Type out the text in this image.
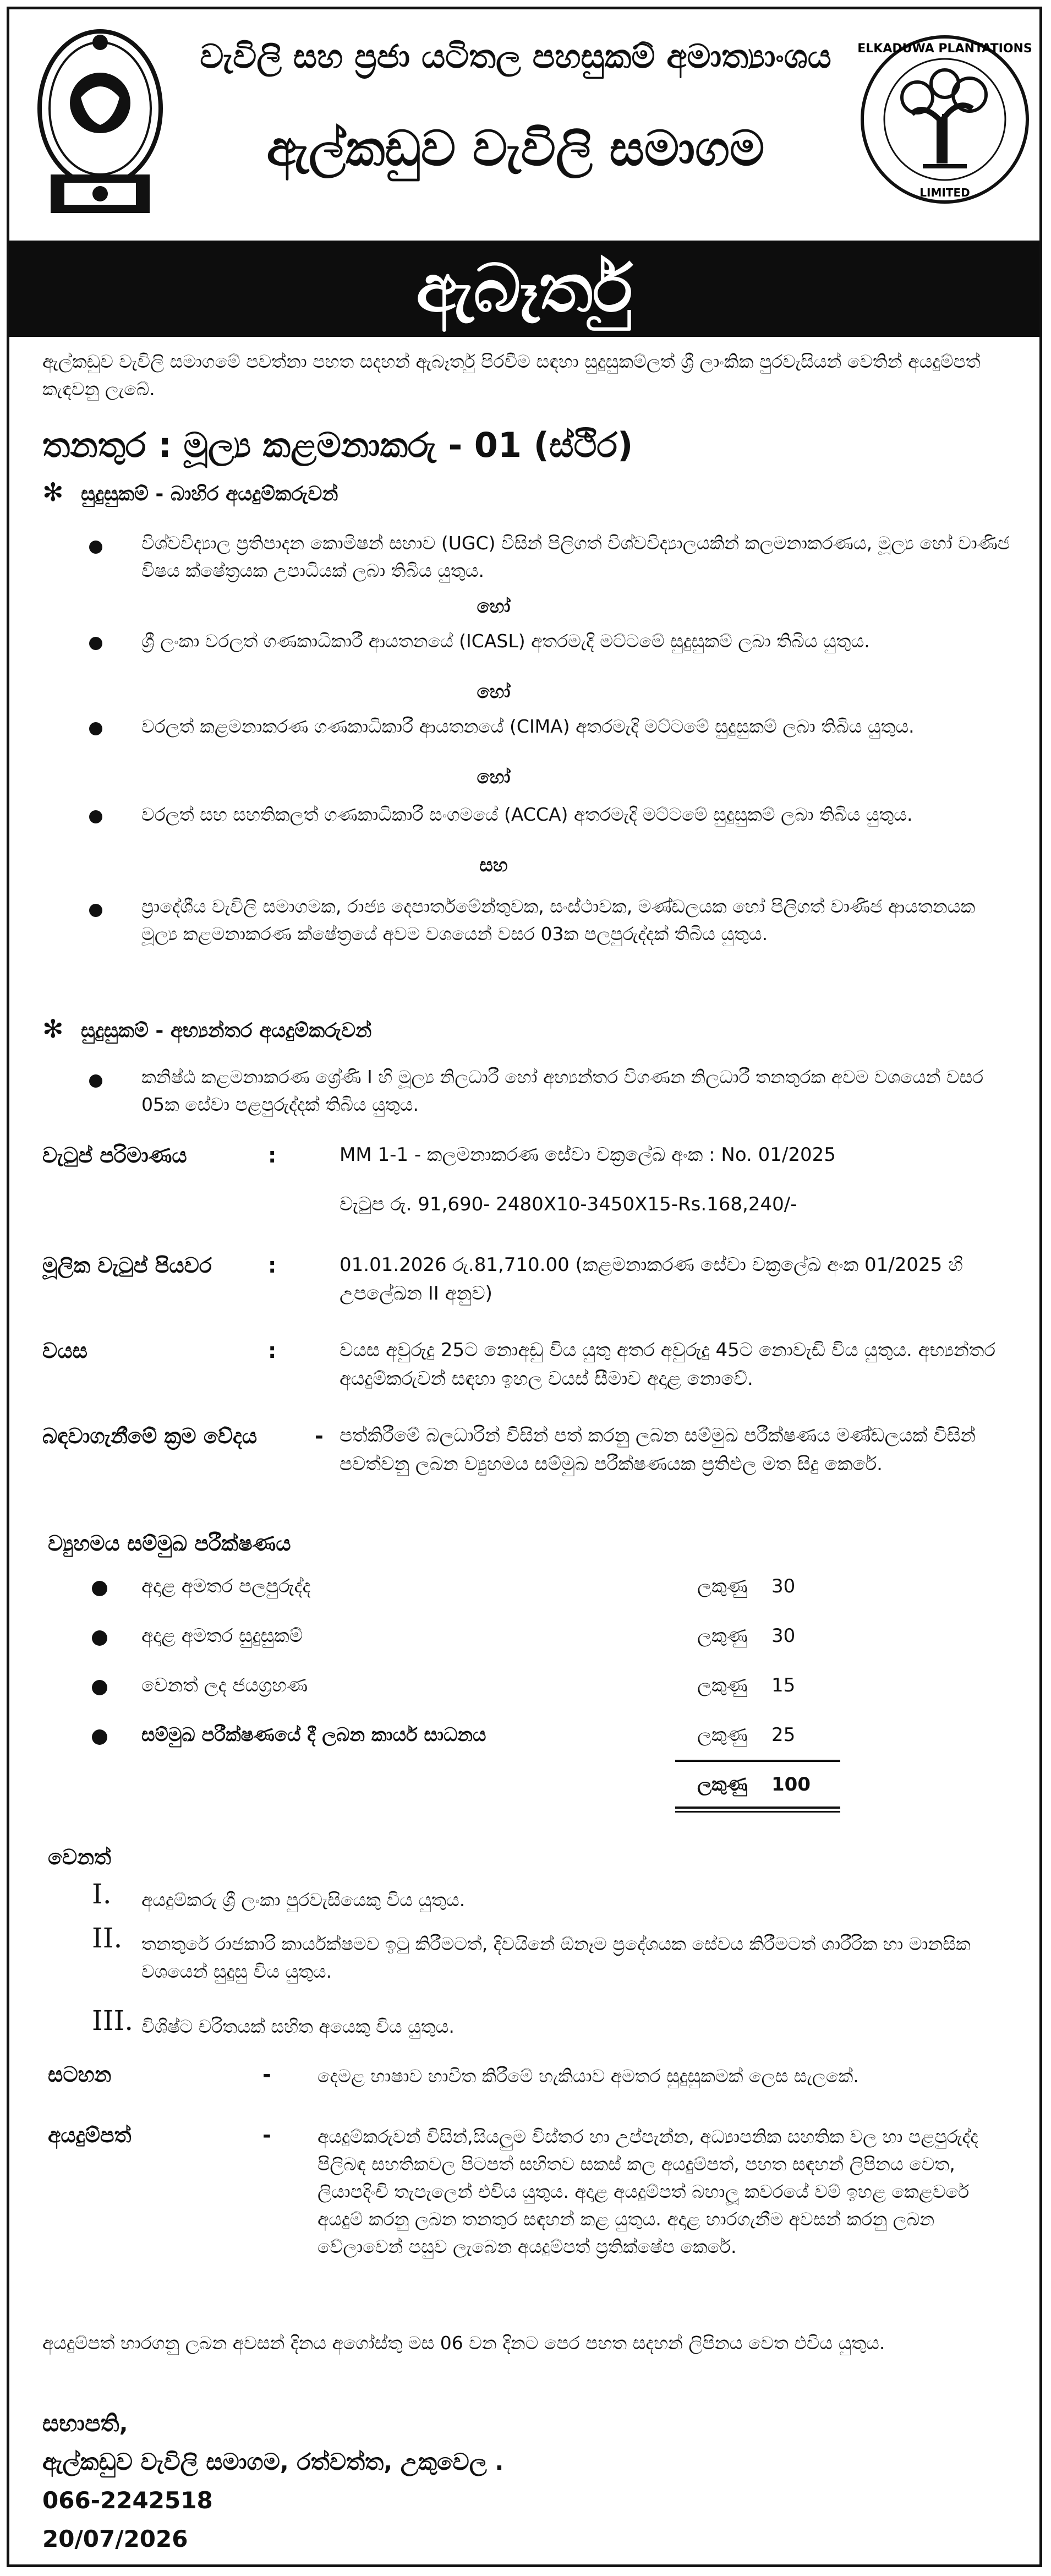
වැවිලි සහ ප්‍රජා යටිතල පහසුකම් අමාත්‍යාංශය
ඇල්කඩුව වැවිලි සමාගම
ELKADUWA PLANTATIONS
LIMITED
ඇබෑර්තු
ඇල්කඩුව වැවිලි සමාගමේ පවත්නා පහත සදහන් ඇබෑර්තු පිරවීම සඳහා සුදුසුකම්ලත් ශ්‍රී ලාංකික පුරවැසියන් වෙතින් අයදුම්පත් කැඳවනු ලැබේ.
තනතුර : මූල්‍ය කළමනාකරු - 01 (ස්ථිර)
✻ සුදුසුකම් - බාහිර අයදුම්කරුවන්
විශ්වවිද්‍යාල ප්‍රතිපාදන කොමිෂන් සභාව (UGC) විසින් පිලිගත් විශ්වවිද්‍යාලයකින් කලමනාකරණය, මූල්‍ය හෝ වාණිජ විෂය ක්ෂේත්‍රයක උපාධියක් ලබා තිබිය යුතුය.
හෝ
ශ්‍රී ලංකා වරලත් ගණකාධිකාරී ආයතනයේ (ICASL) අතරමැදි මට්ටමේ සුදුසුකම් ලබා තිබිය යුතුය.
හෝ
වරලත් කළමනාකරණ ගණකාධිකාරී ආයතනයේ (CIMA) අතරමැදි මට්ටමේ සුදුසුකම් ලබා තිබිය යුතුය.
හෝ
වරලත් සහ සහතිකලත් ගණකාධිකාරී සංගමයේ (ACCA) අතරමැදි මට්ටමේ සුදුසුකම් ලබා තිබිය යුතුය.
සහ
ප්‍රාදේශීය වැවිලි සමාගමක, රාජ්‍ය දෙපාර්තමේන්තුවක, සංස්ථාවක, මණ්ඩලයක හෝ පිලිගත් වාණිජ ආයතනයක මූල්‍ය කළමනාකරණ ක්ෂේත්‍රයේ අවම වශයෙන් වසර 03ක පලපුරුද්දක් තිබිය යුතුය.
✻ සුදුසුකම් - අභ්‍යන්තර අයදුම්කරුවන්
කනිෂ්ඨ කළමනාකරණ ශ්‍රේණි I හි මූල්‍ය නිලධාරී හෝ අභ්‍යන්තර විගණන නිලධාරී තනතුරක අවම වශයෙන් වසර 05ක සේවා පළපුරුද්දක් තිබිය යුතුය.
වැටුප් පරිමාණය	:	MM 1-1 - කලමනාකරණ සේවා චක්‍රලේඛ අංක : No. 01/2025
වැටුප රු. 91,690- 2480X10-3450X15-Rs.168,240/-
මූලික වැටුප් පියවර	:	01.01.2026 රු.81,710.00 (කළමනාකරණ සේවා චක්‍රලේඛ අංක 01/2025 හි උපලේඛන II අනුව)
වයස	:	වයස අවුරුදු 25ට නොඅඩු විය යුතු අතර අවුරුදු 45ට නොවැඩි විය යුතුය. අභ්‍යන්තර අයදුම්කරුවන් සඳහා ඉහල වයස් සීමාව අදාළ නොවේ.
බඳවාගැනීමේ ක්‍රම වේදය	- පත්කිරීමේ බලධාරින් විසින් පත් කරනු ලබන සම්මුඛ පරීක්ෂණය මණ්ඩලයක් විසින් පවත්වනු ලබන ව්‍යුහමය සම්මුඛ පරීක්ෂණයක ප්‍රතිඵල මත සිදු කෙරේ.
ව්‍යුහමය සම්මුඛ පරීක්ෂණය
අදාළ අමතර පලපුරුද්ද	ලකුණු 30
අදාළ අමතර සුදුසුකම්	ලකුණු 30
වෙනත් ලද ජයග්‍රහණ	ලකුණු 15
සම්මුඛ පරීක්ෂණයේ දී ලබන කාර්ය සාධනය	ලකුණු 25
ලකුණු 100
වෙනත්
I. අයදුම්කරු ශ්‍රී ලංකා පුරවැසියෙකු විය යුතුය.
II. තනතුරේ රාජකාරි කාර්යක්ෂමව ඉටු කිරීමටත්, දිවයිනේ ඕනෑම ප්‍රදේශයක සේවය කිරීමටත් ශාරීරික හා මානසික වශයෙන් සුදුසු විය යුතුය.
III. විශිෂ්ට චරිතයක් සහිත අයෙකු විය යුතුය.
සටහන	-	දෙමළ භාෂාව භාවිත කිරීමේ හැකියාව අමතර සුදුසුකමක් ලෙස සැලකේ.
අයදුම්පත්	-	අයදුම්කරුවන් විසින්,සියලුම විස්තර හා උප්පැන්න, අධ්‍යාපනික සහතික වල හා පළපුරුද්ද පිලිබඳ සහතිකවල පිටපත් සහිතව සකස් කල අයදුම්පත්, පහත සඳහන් ලිපිනය වෙත, ලියාපදිංචි තැපැලෙන් එවිය යුතුය. අදාළ අයදුම්පත් බහාලූ කවරයේ වම් ඉහළ කෙළවරේ අයදුම් කරනු ලබන තනතුර සඳහන් කළ යුතුය. අදාළ භාරගැනීම අවසන් කරනු ලබන වේලාවෙන් පසුව ලැබෙන අයදුම්පත් ප්‍රතික්ෂේප කෙරේ.
අයදුම්පත් භාරගනු ලබන අවසන් දිනය අගෝස්තු මස 06 වන දිනට පෙර පහත සදහන් ලිපිනය වෙත එවිය යුතුය.
සභාපති,
ඇල්කඩුව වැවිලි සමාගම, රත්වත්ත, උකුවෙල .
066-2242518
20/07/2026
